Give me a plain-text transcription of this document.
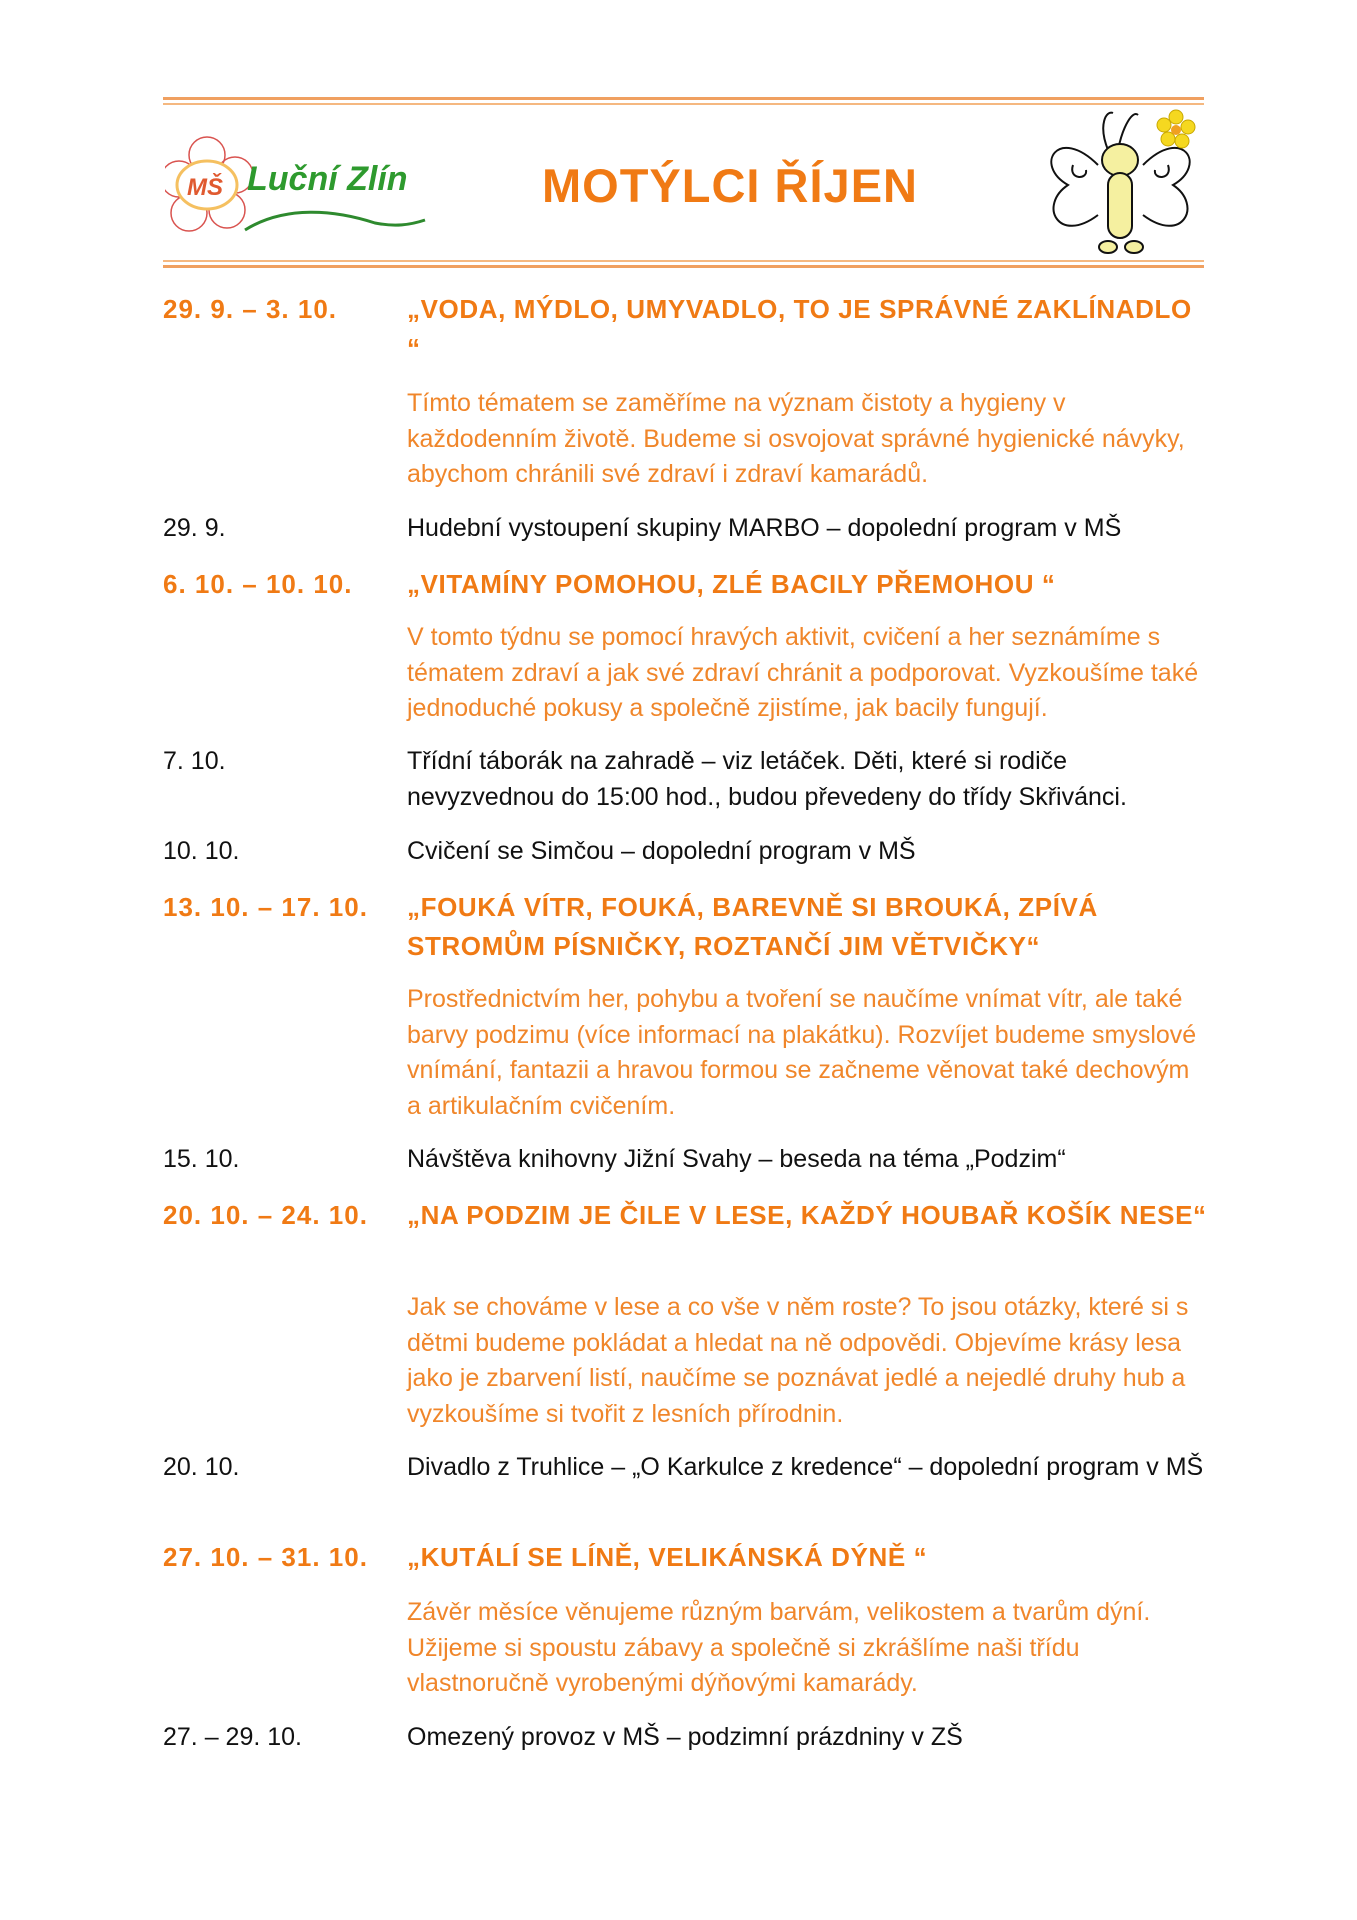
MŠ Luční Zlín	MOTÝLCI ŘÍJEN
29. 9. – 3. 10.	„VODA, MÝDLO, UMYVADLO, TO JE SPRÁVNÉ ZAKLÍNADLO “
Tímto tématem se zaměříme na význam čistoty a hygieny v každodenním životě. Budeme si osvojovat správné hygienické návyky, abychom chránili své zdraví i zdraví kamarádů.
29. 9.	Hudební vystoupení skupiny MARBO – dopolední program v MŠ
6. 10. – 10. 10. „VITAMÍNY POMOHOU, ZLÉ BACILY PŘEMOHOU “
V tomto týdnu se pomocí hravých aktivit, cvičení a her seznámíme s tématem zdraví a jak své zdraví chránit a podporovat. Vyzkoušíme také jednoduché pokusy a společně zjistíme, jak bacily fungují.
7. 10.	Třídní táborák na zahradě – viz letáček. Děti, které si rodiče nevyzvednou do 15:00 hod., budou převedeny do třídy Skřivánci.
10. 10.	Cvičení se Simčou – dopolední program v MŠ
13. 10. – 17. 10. „FOUKÁ VÍTR, FOUKÁ, BAREVNĚ SI BROUKÁ, ZPÍVÁ STROMŮM PÍSNIČKY, ROZTANČÍ JIM VĚTVIČKY“
Prostřednictvím her, pohybu a tvoření se naučíme vnímat vítr, ale také barvy podzimu (více informací na plakátku). Rozvíjet budeme smyslové vnímání, fantazii a hravou formou se začneme věnovat také dechovým a artikulačním cvičením.
15. 10.	Návštěva knihovny Jižní Svahy – beseda na téma „Podzim“
20. 10. – 24. 10. „NA PODZIM JE ČILE V LESE, KAŽDÝ HOUBAŘ KOŠÍK NESE“
Jak se chováme v lese a co vše v něm roste? To jsou otázky, které si s dětmi budeme pokládat a hledat na ně odpovědi. Objevíme krásy lesa jako je zbarvení listí, naučíme se poznávat jedlé a nejedlé druhy hub a vyzkoušíme si tvořit z lesních přírodnin.
20. 10.	Divadlo z Truhlice – „O Karkulce z kredence“ – dopolední program v MŠ
27. 10. – 31. 10. „KUTÁLÍ SE LÍNĚ, VELIKÁNSKÁ DÝNĚ “
Závěr měsíce věnujeme různým barvám, velikostem a tvarům dýní. Užijeme si spoustu zábavy a společně si zkrášlíme naši třídu vlastnoručně vyrobenými dýňovými kamarády.
27. – 29. 10.	Omezený provoz v MŠ – podzimní prázdniny v ZŠ
